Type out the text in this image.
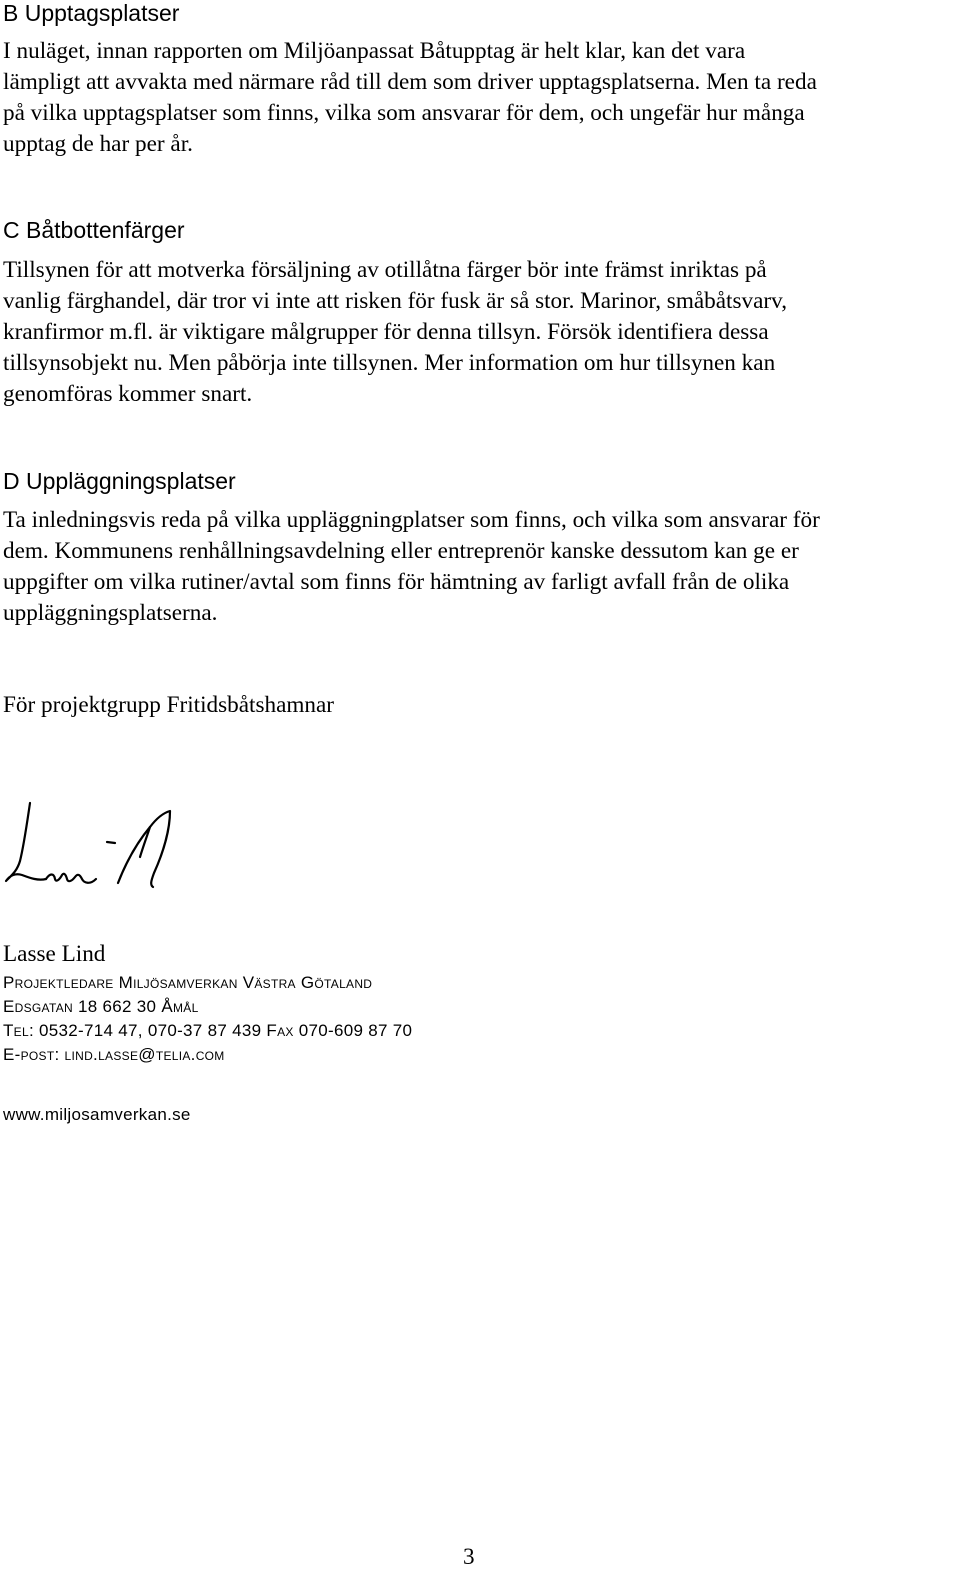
B Upptagsplatser

I nuläget, innan rapporten om Miljöanpassat Båtupptag är helt klar, kan det vara
lämpligt att avvakta med närmare råd till dem som driver upptagsplatserna. Men ta reda
på vilka upptagsplatser som finns, vilka som ansvarar för dem, och ungefär hur många
upptag de har per år.

C Båtbottenfärger

Tillsynen för att motverka försäljning av otillåtna färger bör inte främst inriktas på
vanlig färghandel, där tror vi inte att risken för fusk är så stor. Marinor, småbåtsvarv,
kranfirmor m.fl. är viktigare målgrupper för denna tillsyn. Försök identifiera dessa
tillsynsobjekt nu. Men påbörja inte tillsynen. Mer information om hur tillsynen kan
genomföras kommer snart.

D Uppläggningsplatser

Ta inledningsvis reda på vilka uppläggningplatser som finns, och vilka som ansvarar för
dem. Kommunens renhållningsavdelning eller entreprenör kanske dessutom kan ge er
uppgifter om vilka rutiner/avtal som finns för hämtning av farligt avfall från de olika
uppläggningsplatserna.

För projektgrupp Fritidsbåtshamnar

Lasse Lind

Projektledare Miljösamverkan Västra Götaland

Edsgatan 18 662 30 Åmål

Tel: 0532-714 47, 070-37 87 439 Fax 070-609 87 70

E-post: lind.lasse@telia.com

www.miljosamverkan.se

3
